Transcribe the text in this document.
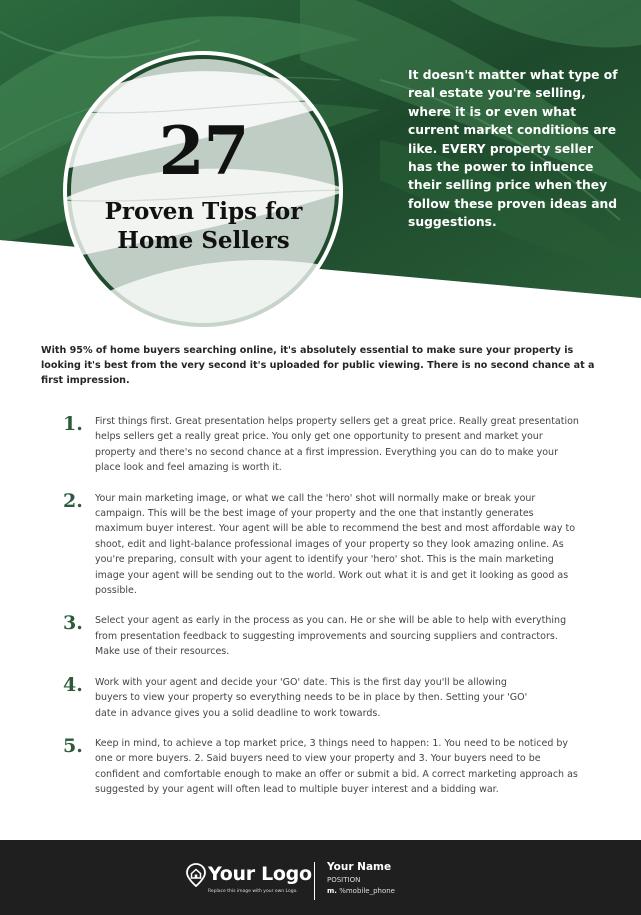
27
Proven Tips for Home Sellers
It doesn't matter what type of real estate you're selling, where it is or even what current market conditions are like. EVERY property seller has the power to influence their selling price when they follow these proven ideas and suggestions.
With 95% of home buyers searching online, it's absolutely essential to make sure your property is looking it's best from the very second it's uploaded for public viewing. There is no second chance at a first impression.
1. First things first. Great presentation helps property sellers get a great price. Really great presentation helps sellers get a really great price. You only get one opportunity to present and market your property and there's no second chance at a first impression. Everything you can do to make your place look and feel amazing is worth it.

2. Your main marketing image, or what we call the 'hero' shot will normally make or break your campaign. This will be the best image of your property and the one that instantly generates maximum buyer interest. Your agent will be able to recommend the best and most affordable way to shoot, edit and light-balance professional images of your property so they look amazing online. As you're preparing, consult with your agent to identify your 'hero' shot. This is the main marketing image your agent will be sending out to the world. Work out what it is and get it looking as good as possible.

3. Select your agent as early in the process as you can. He or she will be able to help with everything from presentation feedback to suggesting improvements and sourcing suppliers and contractors. Make use of their resources.

4. Work with your agent and decide your 'GO' date. This is the first day you'll be allowing buyers to view your property so everything needs to be in place by then. Setting your 'GO' date in advance gives you a solid deadline to work towards.

5. Keep in mind, to achieve a top market price, 3 things need to happen: 1. You need to be noticed by one or more buyers. 2. Said buyers need to view your property and 3. Your buyers need to be confident and comfortable enough to make an offer or submit a bid. A correct marketing approach as suggested by your agent will often lead to multiple buyer interest and a bidding war.

Your Logo
Replace this image with your own Logo.
Your Name
POSITION
m. %mobile_phone
